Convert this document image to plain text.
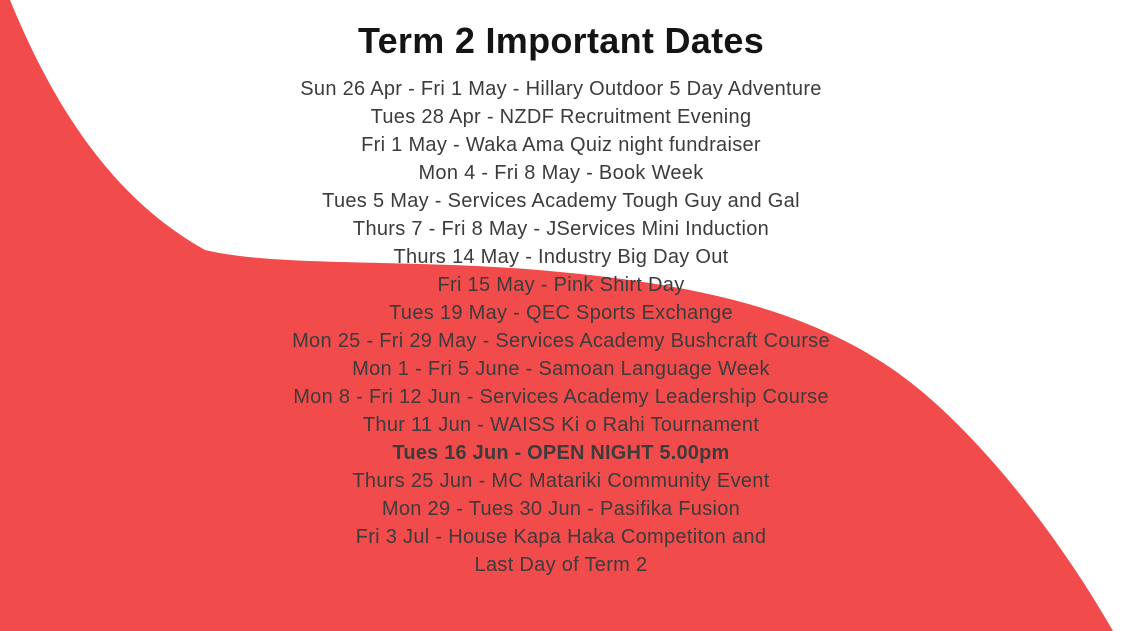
Term 2 Important Dates
Sun 26 Apr - Fri 1 May - Hillary Outdoor 5 Day Adventure
Tues 28 Apr - NZDF Recruitment Evening
Fri 1 May - Waka Ama Quiz night fundraiser
Mon 4 - Fri 8 May - Book Week
Tues 5 May - Services Academy Tough Guy and Gal
Thurs 7 - Fri 8 May - JServices Mini Induction
Thurs 14 May - Industry Big Day Out
Fri 15 May - Pink Shirt Day
Tues 19 May - QEC Sports Exchange
Mon 25 - Fri 29 May - Services Academy Bushcraft Course
Mon 1 - Fri 5 June - Samoan Language Week
Mon 8 - Fri 12 Jun - Services Academy Leadership Course
Thur 11 Jun - WAISS Ki o Rahi Tournament
Tues 16 Jun - OPEN NIGHT 5.00pm
Thurs 25 Jun - MC Matariki Community Event
Mon 29 - Tues 30 Jun - Pasifika Fusion
Fri 3 Jul - House Kapa Haka Competiton and
Last Day of Term 2
